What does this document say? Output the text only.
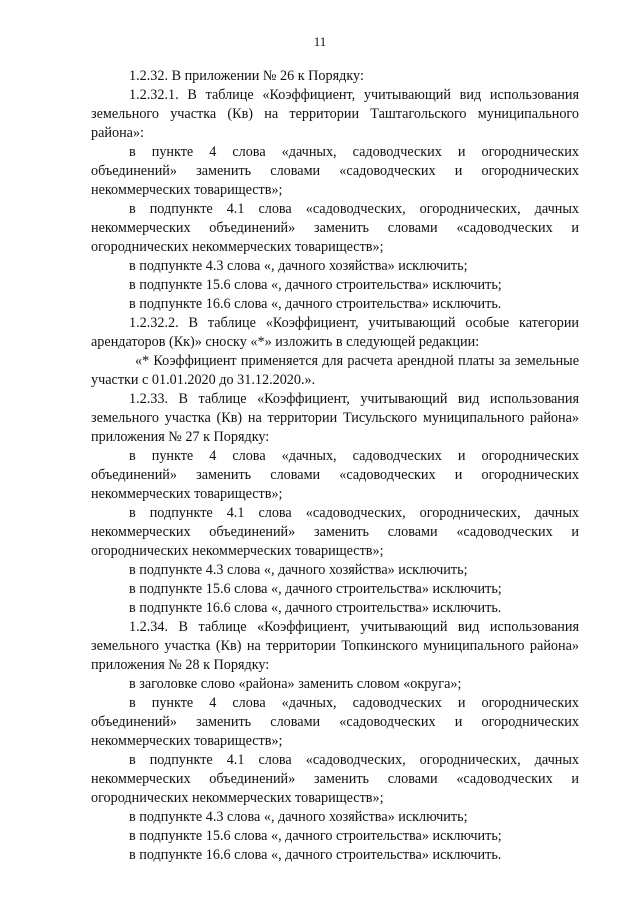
11

1.2.32. В приложении № 26 к Порядку:

1.2.32.1. В таблице «Коэффициент, учитывающий вид использования земельного участка (Кв) на территории Таштагольского муниципального района»:

в пункте 4 слова «дачных, садоводческих и огороднических объединений» заменить словами «садоводческих и огороднических некоммерческих товариществ»;

в подпункте 4.1 слова «садоводческих, огороднических, дачных некоммерческих объединений» заменить словами «садоводческих и огороднических некоммерческих товариществ»;

в подпункте 4.3 слова «, дачного хозяйства» исключить;

в подпункте 15.6 слова «, дачного строительства» исключить;

в подпункте 16.6 слова «, дачного строительства» исключить.

1.2.32.2. В таблице «Коэффициент, учитывающий особые категории арендаторов (Кк)» сноску «*» изложить в следующей редакции:

«* Коэффициент применяется для расчета арендной платы за земельные участки с 01.01.2020 до 31.12.2020.».

1.2.33. В таблице «Коэффициент, учитывающий вид использования земельного участка (Кв) на территории Тисульского муниципального района» приложения № 27 к Порядку:

в пункте 4 слова «дачных, садоводческих и огороднических объединений» заменить словами «садоводческих и огороднических некоммерческих товариществ»;

в подпункте 4.1 слова «садоводческих, огороднических, дачных некоммерческих объединений» заменить словами «садоводческих и огороднических некоммерческих товариществ»;

в подпункте 4.3 слова «, дачного хозяйства» исключить;

в подпункте 15.6 слова «, дачного строительства» исключить;

в подпункте 16.6 слова «, дачного строительства» исключить.

1.2.34. В таблице «Коэффициент, учитывающий вид использования земельного участка (Кв) на территории Топкинского муниципального района» приложения № 28 к Порядку:

в заголовке слово «района» заменить словом «округа»;

в пункте 4 слова «дачных, садоводческих и огороднических объединений» заменить словами «садоводческих и огороднических некоммерческих товариществ»;

в подпункте 4.1 слова «садоводческих, огороднических, дачных некоммерческих объединений» заменить словами «садоводческих и огороднических некоммерческих товариществ»;

в подпункте 4.3 слова «, дачного хозяйства» исключить;

в подпункте 15.6 слова «, дачного строительства» исключить;

в подпункте 16.6 слова «, дачного строительства» исключить.
